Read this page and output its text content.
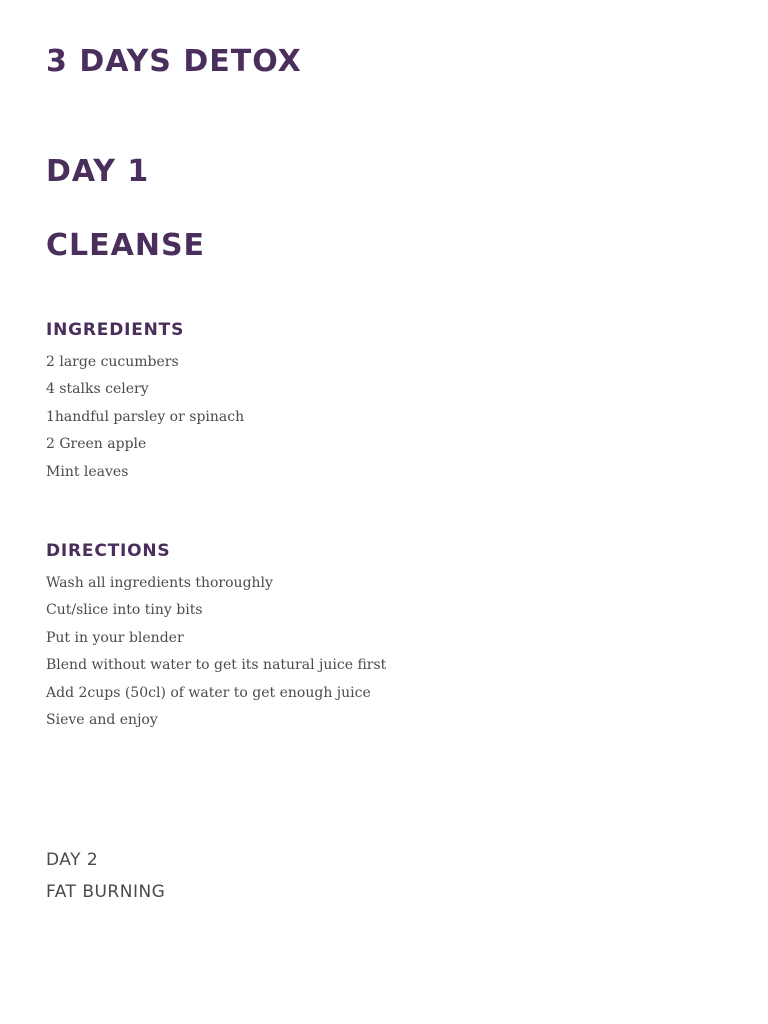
3 DAYS DETOX
DAY 1
CLEANSE
INGREDIENTS
2 large cucumbers
4 stalks celery
1handful parsley or spinach
2 Green apple
Mint leaves
DIRECTIONS
Wash all ingredients thoroughly
Cut/slice into tiny bits
Put in your blender
Blend without water to get its natural juice first
Add 2cups (50cl) of water to get enough juice
Sieve and enjoy

DAY 2

FAT BURNING
